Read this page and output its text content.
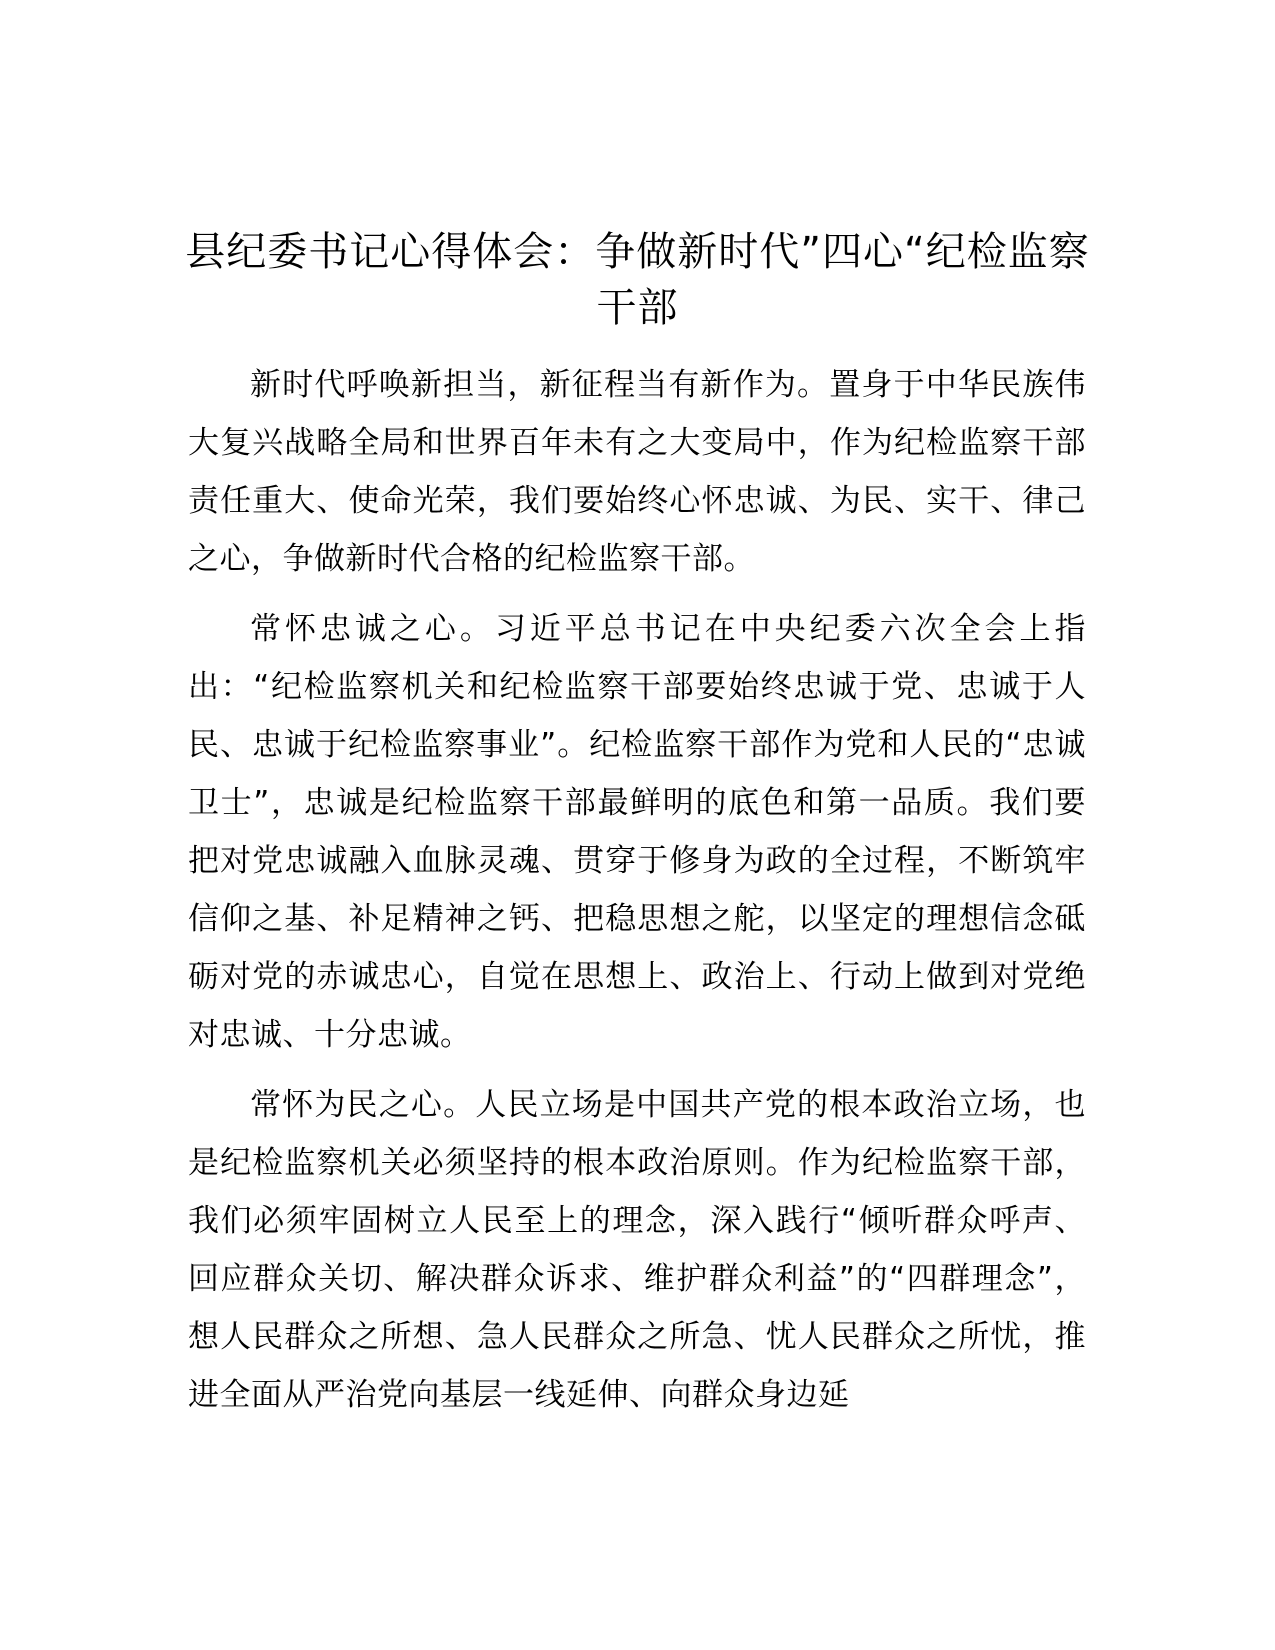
县纪委书记心得体会：争做新时代”四心“纪检监察干部

新时代呼唤新担当，新征程当有新作为。置身于中华民族伟大复兴战略全局和世界百年未有之大变局中，作为纪检监察干部责任重大、使命光荣，我们要始终心怀忠诚、为民、实干、律己之心，争做新时代合格的纪检监察干部。

常怀忠诚之心。习近平总书记在中央纪委六次全会上指出：“纪检监察机关和纪检监察干部要始终忠诚于党、忠诚于人民、忠诚于纪检监察事业”。纪检监察干部作为党和人民的“忠诚卫士”，忠诚是纪检监察干部最鲜明的底色和第一品质。我们要把对党忠诚融入血脉灵魂、贯穿于修身为政的全过程，不断筑牢信仰之基、补足精神之钙、把稳思想之舵，以坚定的理想信念砥砺对党的赤诚忠心，自觉在思想上、政治上、行动上做到对党绝对忠诚、十分忠诚。

常怀为民之心。人民立场是中国共产党的根本政治立场，也是纪检监察机关必须坚持的根本政治原则。作为纪检监察干部，我们必须牢固树立人民至上的理念，深入践行“倾听群众呼声、回应群众关切、解决群众诉求、维护群众利益”的“四群理念”，想人民群众之所想、急人民群众之所急、忧人民群众之所忧，推进全面从严治党向基层一线延伸、向群众身边延
